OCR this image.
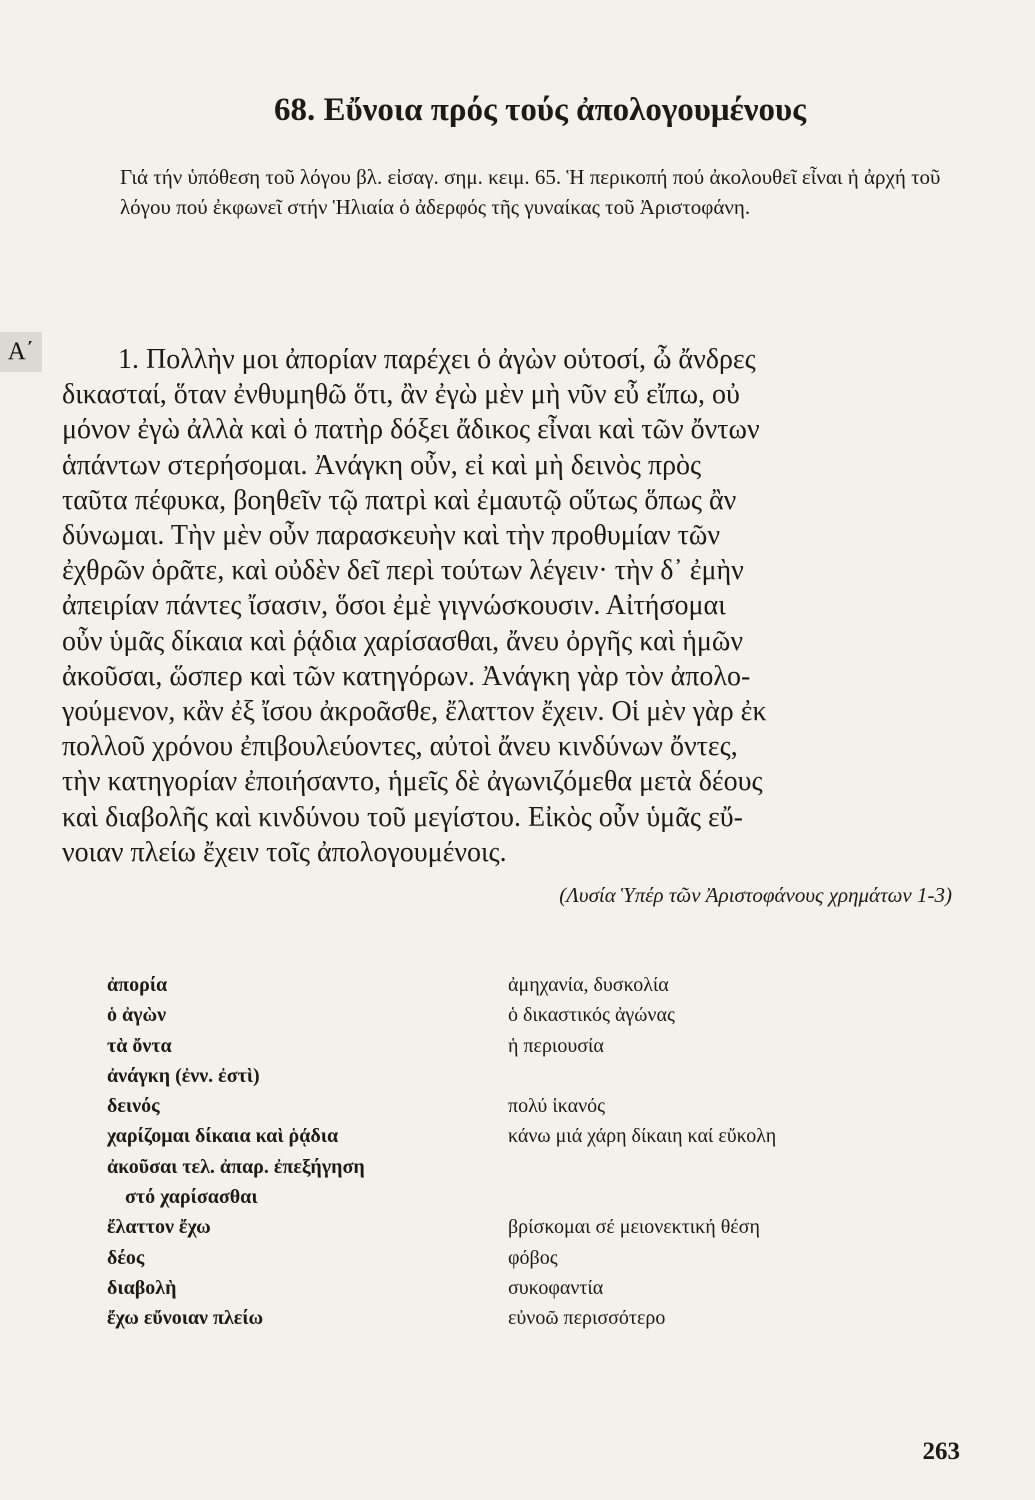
68. Εὔνοια πρός τούς ἀπολογουμένους
Γιά τήν ὑπόθεση τοῦ λόγου βλ. εἰσαγ. σημ. κειμ. 65. Ἡ περικοπή πού ἀκολουθεῖ εἶναι ἡ ἀρχή τοῦ λόγου πού ἐκφωνεῖ στήν Ἡλιαία ὁ ἀδερφός τῆς γυναίκας τοῦ Ἀριστοφάνη.
Α΄	1. Πολλὴν μοι ἀπορίαν παρέχει ὁ ἀγὼν οὑτοσί, ὦ ἄνδρες
δικασταί, ὅταν ἐνθυμηθῶ ὅτι, ἂν ἐγὼ μὲν μὴ νῦν εὖ εἴπω, οὐ
μόνον ἐγὼ ἀλλὰ καὶ ὁ πατὴρ δόξει ἄδικος εἶναι καὶ τῶν ὄντων
ἁπάντων στερήσομαι. Ἀνάγκη οὖν, εἰ καὶ μὴ δεινὸς πρὸς
ταῦτα πέφυκα, βοηθεῖν τῷ πατρὶ καὶ ἐμαυτῷ οὕτως ὅπως ἂν
δύνωμαι. Τὴν μὲν οὖν παρασκευὴν καὶ τὴν προθυμίαν τῶν
ἐχθρῶν ὁρᾶτε, καὶ οὐδὲν δεῖ περὶ τούτων λέγειν· τὴν δ᾽ ἐμὴν
ἀπειρίαν πάντες ἴσασιν, ὅσοι ἐμὲ γιγνώσκουσιν. Αἰτήσομαι
οὖν ὑμᾶς δίκαια καὶ ῥᾴδια χαρίσασθαι, ἄνευ ὀργῆς καὶ ἡμῶν
ἀκοῦσαι, ὥσπερ καὶ τῶν κατηγόρων. Ἀνάγκη γὰρ τὸν ἀπολο-
γούμενον, κἂν ἐξ ἴσου ἀκροᾶσθε, ἔλαττον ἔχειν. Οἱ μὲν γὰρ ἐκ
πολλοῦ χρόνου ἐπιβουλεύοντες, αὐτοὶ ἄνευ κινδύνων ὄντες,
τὴν κατηγορίαν ἐποιήσαντο, ἡμεῖς δὲ ἀγωνιζόμεθα μετὰ δέους
καὶ διαβολῆς καὶ κινδύνου τοῦ μεγίστου. Εἰκὸς οὖν ὑμᾶς εὔ-
νοιαν πλείω ἔχειν τοῖς ἀπολογουμένοις.
(Λυσία Ὑπέρ τῶν Ἀριστοφάνους χρημάτων 1-3)
ἀπορία
ὁ ἀγὼν
τὰ ὄντα
ἀνάγκη (ἐνν. ἐστὶ)
δεινός
χαρίζομαι δίκαια καὶ ῥᾴδια
ἀκοῦσαι τελ. ἀπαρ. ἐπεξήγηση
στό χαρίσασθαι
ἔλαττον ἔχω
δέος
διαβολὴ
ἔχω εὔνοιαν πλείω
ἀμηχανία, δυσκολία
ὁ δικαστικός ἀγώνας
ἡ περιουσία
πολύ ἱκανός
κάνω μιά χάρη δίκαιη καί εὔκολη
βρίσκομαι σέ μειονεκτική θέση
φόβος
συκοφαντία
εὐνοῶ περισσότερο
263
